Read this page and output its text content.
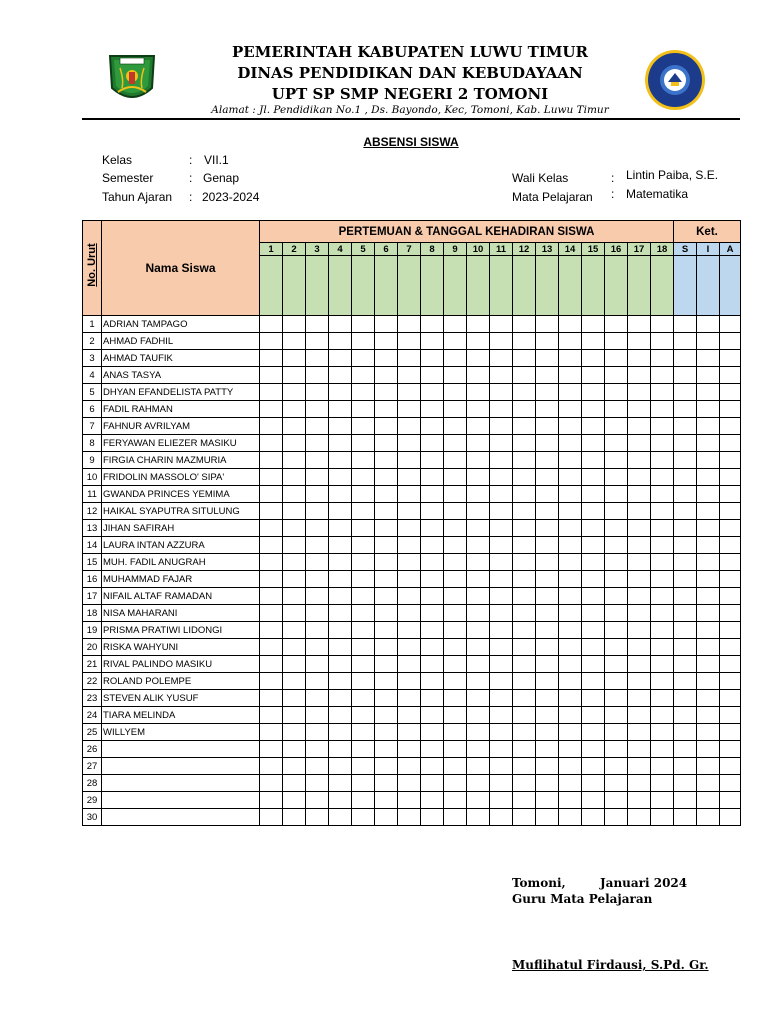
PEMERINTAH KABUPATEN LUWU TIMUR
DINAS PENDIDIKAN DAN KEBUDAYAAN
UPT SP SMP NEGERI 2 TOMONI
Alamat : Jl. Pendidikan No.1 , Ds. Bayondo, Kec, Tomoni, Kab. Luwu Timur
ABSENSI SISWA
Kelas	: VII.1
Semester	: Genap
Tahun Ajaran : 2023-2024
Wali Kelas	: Lintin Paiba, S.E.
Mata Pelajaran : Matematika
No. Urut	Nama Siswa	PERTEMUAN & TANGGAL KEHADIRAN SISWA																		Ket.		
		1	2	3	4	5	6	7	8	9	10	11	12	13	14	15	16	17	18	S	I	A

1	ADRIAN TAMPAGO																					
2	AHMAD FADHIL																					
3	AHMAD TAUFIK																					
4	ANAS TASYA																					
5	DHYAN EFANDELISTA PATTY																					
6	FADIL RAHMAN																					
7	FAHNUR AVRILYAM																					
8	FERYAWAN ELIEZER MASIKU																					
9	FIRGIA CHARIN MAZMURIA																					
10	FRIDOLIN MASSOLO' SIPA'																					
11	GWANDA PRINCES YEMIMA																					
12	HAIKAL SYAPUTRA SITULUNG																					
13	JIHAN SAFIRAH																					
14	LAURA INTAN AZZURA																					
15	MUH. FADIL ANUGRAH																					
16	MUHAMMAD FAJAR																					
17	NIFAIL ALTAF RAMADAN																					
18	NISA MAHARANI																					
19	PRISMA PRATIWI LIDONGI																					
20	RISKA WAHYUNI																					
21	RIVAL PALINDO MASIKU																					
22	ROLAND POLEMPE																					
23	STEVEN ALIK YUSUF																					
24	TIARA MELINDA																					
25	WILLYEM																					
26																						
27																						
28																						
29																						
30																						
Tomoni,	Januari 2024
Guru Mata Pelajaran
Muflihatul Firdausi, S.Pd. Gr.
